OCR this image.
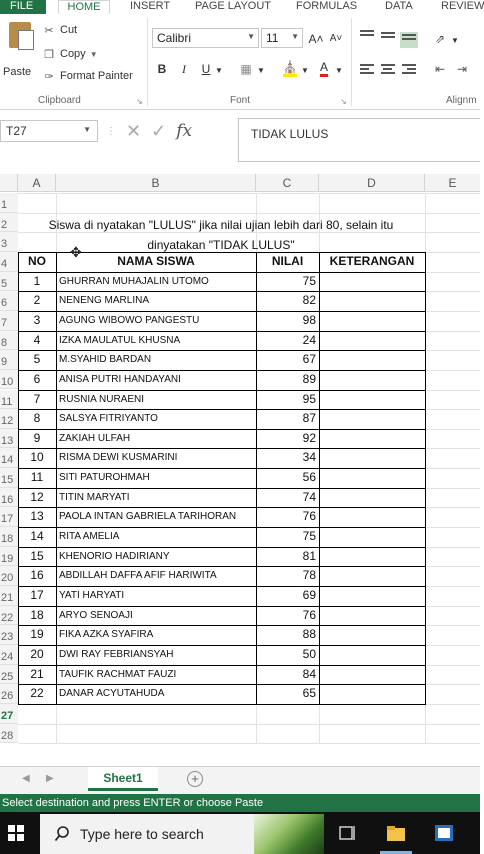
FILE	HOME	INSERT PAGE LAYOUT FORMULAS	DATA	REVIEW
Paste
✂ Cut
❐ Copy ▼
✑ Format Painter
Clipboard	↘
Calibri	▼ 11 ▼ A˄ A˅
B	I	U ▼ ▦ ▼ ⛪ ▼ A ▼
Font	↘
⇗ ▼
⇤ ⇥
Alignm
T27	▼ ⋮ ✕ ✓ fx	TIDAK LULUS
A	B	C	D	E
1
2
3
4
5
6
7
8
9
10
11
12
13
14
15
16
17
18
19
20
21
22
23
24
25
26
27
28
NO	NAMA SISWA	NILAI	KETERANGAN
1	GHURRAN MUHAJALIN UTOMO	75
2	NENENG MARLINA	82
3	AGUNG WIBOWO PANGESTU	98
4	IZKA MAULATUL KHUSNA	24
5	M.SYAHID BARDAN	67
6	ANISA PUTRI HANDAYANI	89
7	RUSNIA NURAENI	95
8	SALSYA FITRIYANTO	87
9	ZAKIAH ULFAH	92
10	RISMA DEWI KUSMARINI	34
11	SITI PATUROHMAH	56
12	TITIN MARYATI	74
13	PAOLA INTAN GABRIELA TARIHORAN	76
14	RITA AMELIA	75
15	KHENORIO HADIRIANY	81
16	ABDILLAH DAFFA AFIF HARIWITA	78
17	YATI HARYATI	69
18	ARYO SENOAJI	76
19	FIKA AZKA SYAFIRA	88
20	DWI RAY FEBRIANSYAH	50
21	TAUFIK RACHMAT FAUZI	84
22	DANAR ACYUTAHUDA	65
Siswa di nyatakan "LULUS" jika nilai ujian lebih dari 80, selain itu
dinyatakan "TIDAK LULUS"
✥
◀ ▶	Sheet1	+
Select destination and press ENTER or choose Paste
Type here to search
